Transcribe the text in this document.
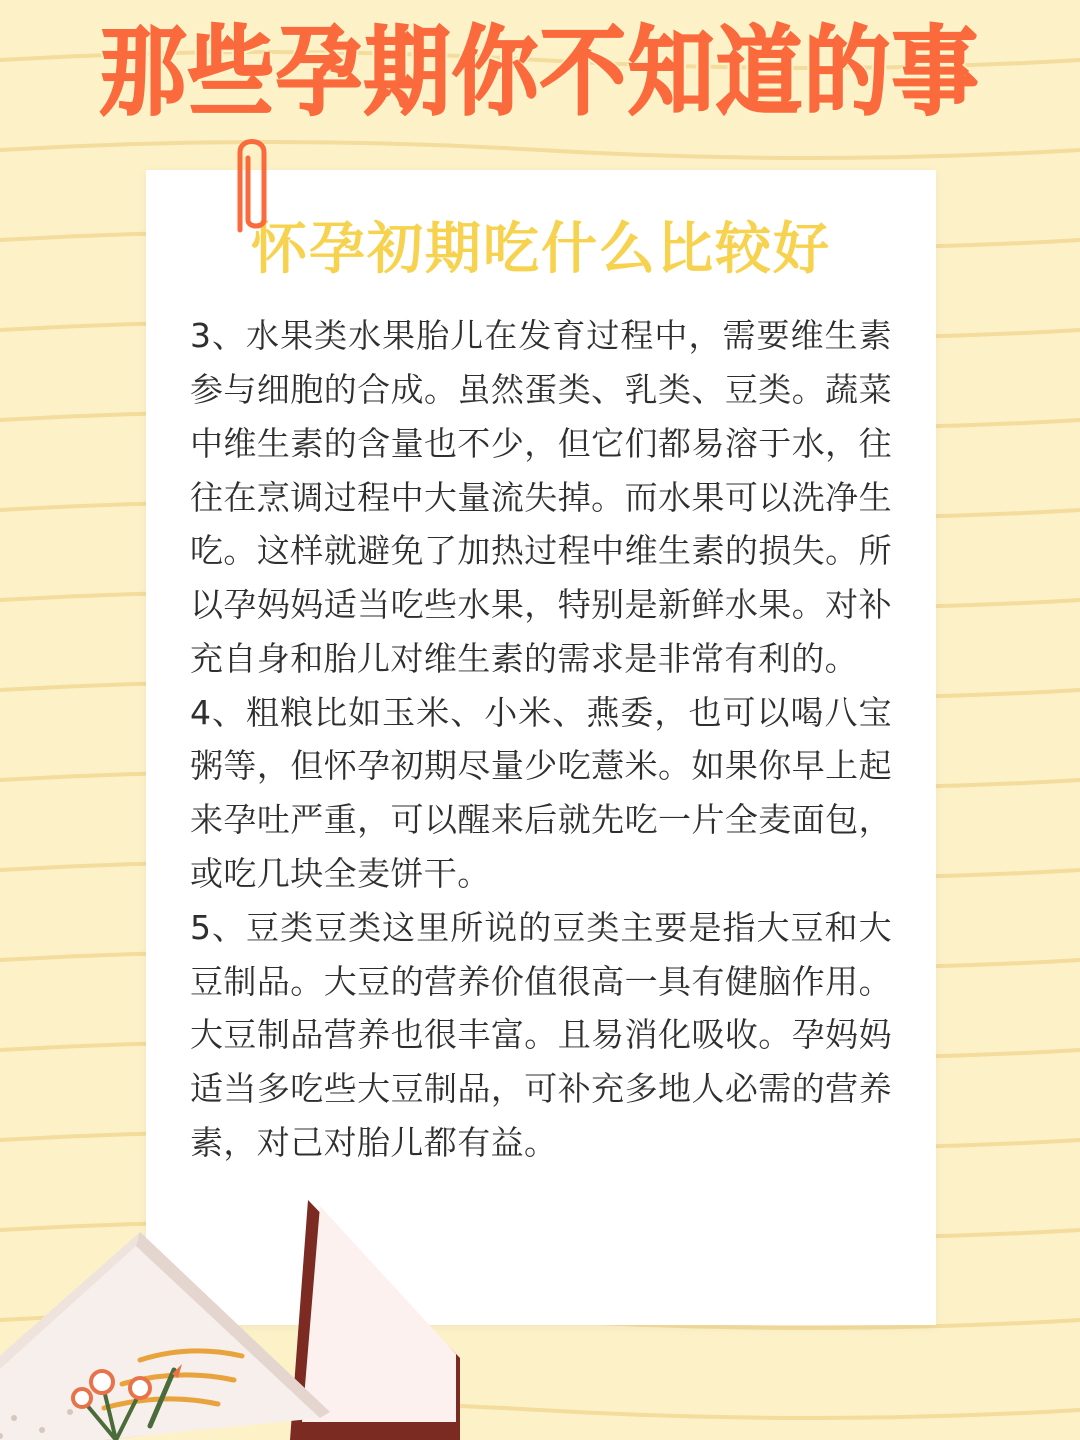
那些孕期你不知道的事
怀孕初期吃什么比较好

3、水果类水果胎儿在发育过程中，需要维生素参与细胞的合成。虽然蛋类、乳类、豆类。蔬菜中维生素的含量也不少，但它们都易溶于水，往往在烹调过程中大量流失掉。而水果可以洗净生吃。这样就避免了加热过程中维生素的损失。所以孕妈妈适当吃些水果，特别是新鲜水果。对补充自身和胎儿对维生素的需求是非常有利的。

4、粗粮比如玉米、小米、燕委，也可以喝八宝粥等，但怀孕初期尽量少吃薏米。如果你早上起来孕吐严重，可以醒来后就先吃一片全麦面包，或吃几块全麦饼干。

5、豆类豆类这里所说的豆类主要是指大豆和大豆制品。大豆的营养价值很高一具有健脑作用。大豆制品营养也很丰富。且易消化吸收。孕妈妈适当多吃些大豆制品，可补充多地人必需的营养素，对己对胎儿都有益。
